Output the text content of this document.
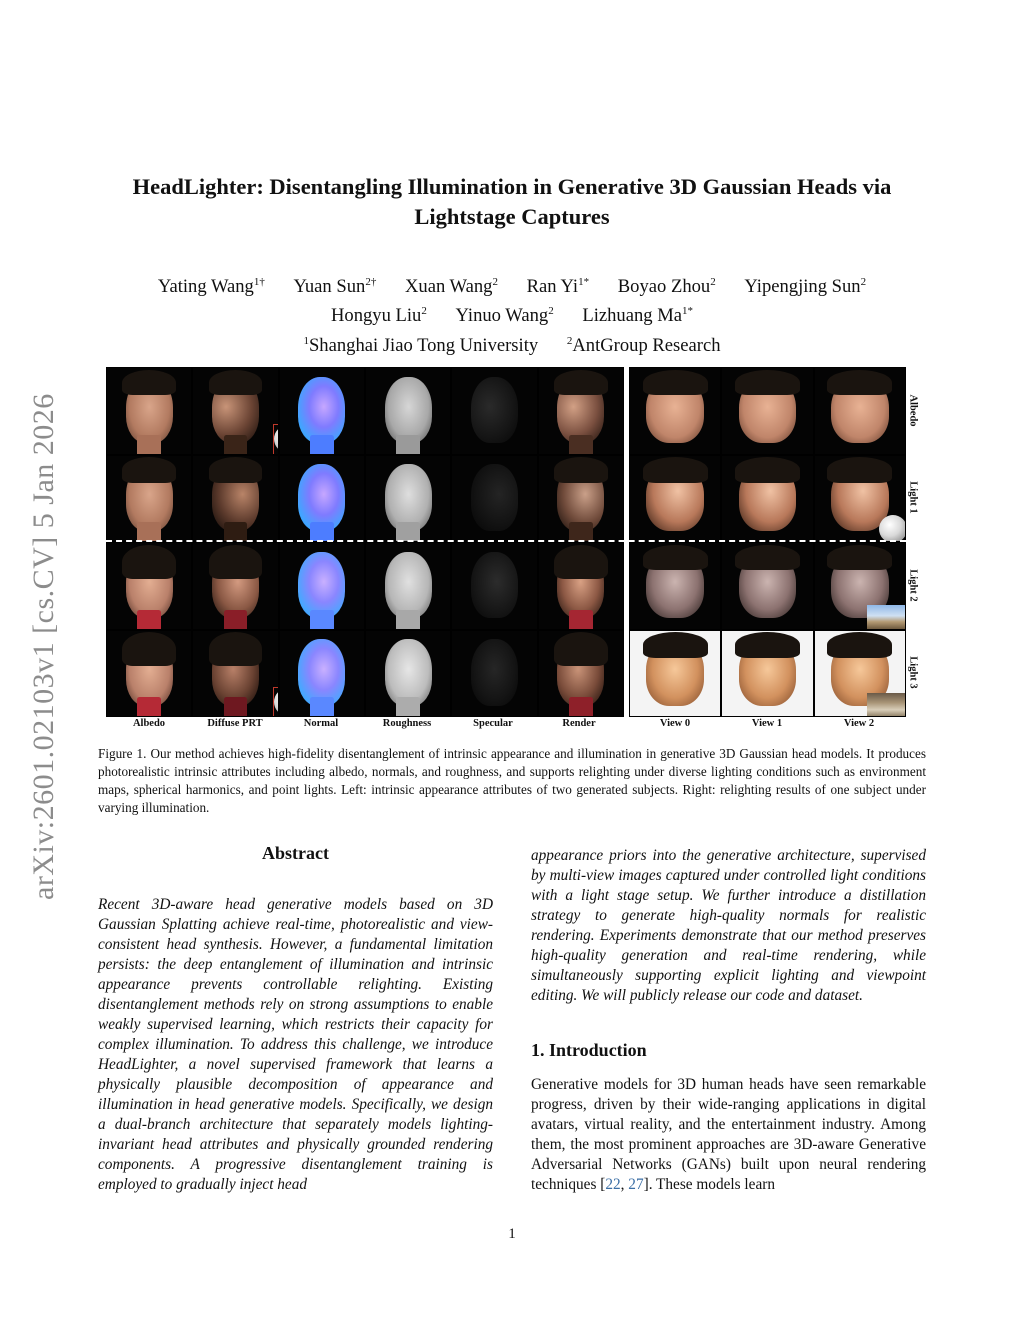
arXiv:2601.02103v1 [cs.CV] 5 Jan 2026
HeadLighter: Disentangling Illumination in Generative 3D Gaussian Heads via Lightstage Captures
Yating Wang$^{1\dagger}$ Yuan Sun$^{2\dagger}$ Xuan Wang$^2$ Ran $Yi^{1*}$ Boyao Zhou$^2$ Yipengjing Sun$^2$
Hongyu Liu$^2$ Yinuo Wang$^2$ Lizhuang $Ma^{1*}$
$^1$Shanghai Jiao Tong University	$^2$AntGroup Research
Albedo
Light 1
Light 2
Light 3
Albedo	Diffuse PRT	Normal	Roughness	Specular	Render	View 0	View 1	View 2
Figure 1. Our method achieves high-fidelity disentanglement of intrinsic appearance and illumination in generative 3D Gaussian head models. It produces photorealistic intrinsic attributes including albedo, normals, and roughness, and supports relighting under diverse lighting conditions such as environment maps, spherical harmonics, and point lights. Left: intrinsic appearance attributes of two generated subjects. Right: relighting results of one subject under varying illumination.
Abstract
Recent 3D-aware head generative models based on 3D Gaussian Splatting achieve real-time, photorealistic and view-consistent head synthesis. However, a fundamental limitation persists: the deep entanglement of illumination and intrinsic appearance prevents controllable relighting. Existing disentanglement methods rely on strong assumptions to enable weakly supervised learning, which restricts their capacity for complex illumination. To address this challenge, we introduce HeadLighter, a novel supervised framework that learns a physically plausible decomposition of appearance and illumination in head generative models. Specifically, we design a dual-branch architecture that separately models lighting-invariant head attributes and physically grounded rendering components. A progressive disentanglement training is employed to gradually inject head
appearance priors into the generative architecture, supervised by multi-view images captured under controlled light conditions with a light stage setup. We further introduce a distillation strategy to generate high-quality normals for realistic rendering. Experiments demonstrate that our method preserves high-quality generation and real-time rendering, while simultaneously supporting explicit lighting and viewpoint editing. We will publicly release our code and dataset.
1. Introduction
Generative models for 3D human heads have seen remarkable progress, driven by their wide-ranging applications in digital avatars, virtual reality, and the entertainment industry. Among them, the most prominent approaches are 3D-aware Generative Adversarial Networks (GANs) built upon neural rendering techniques [22, 27]. These models learn
1
